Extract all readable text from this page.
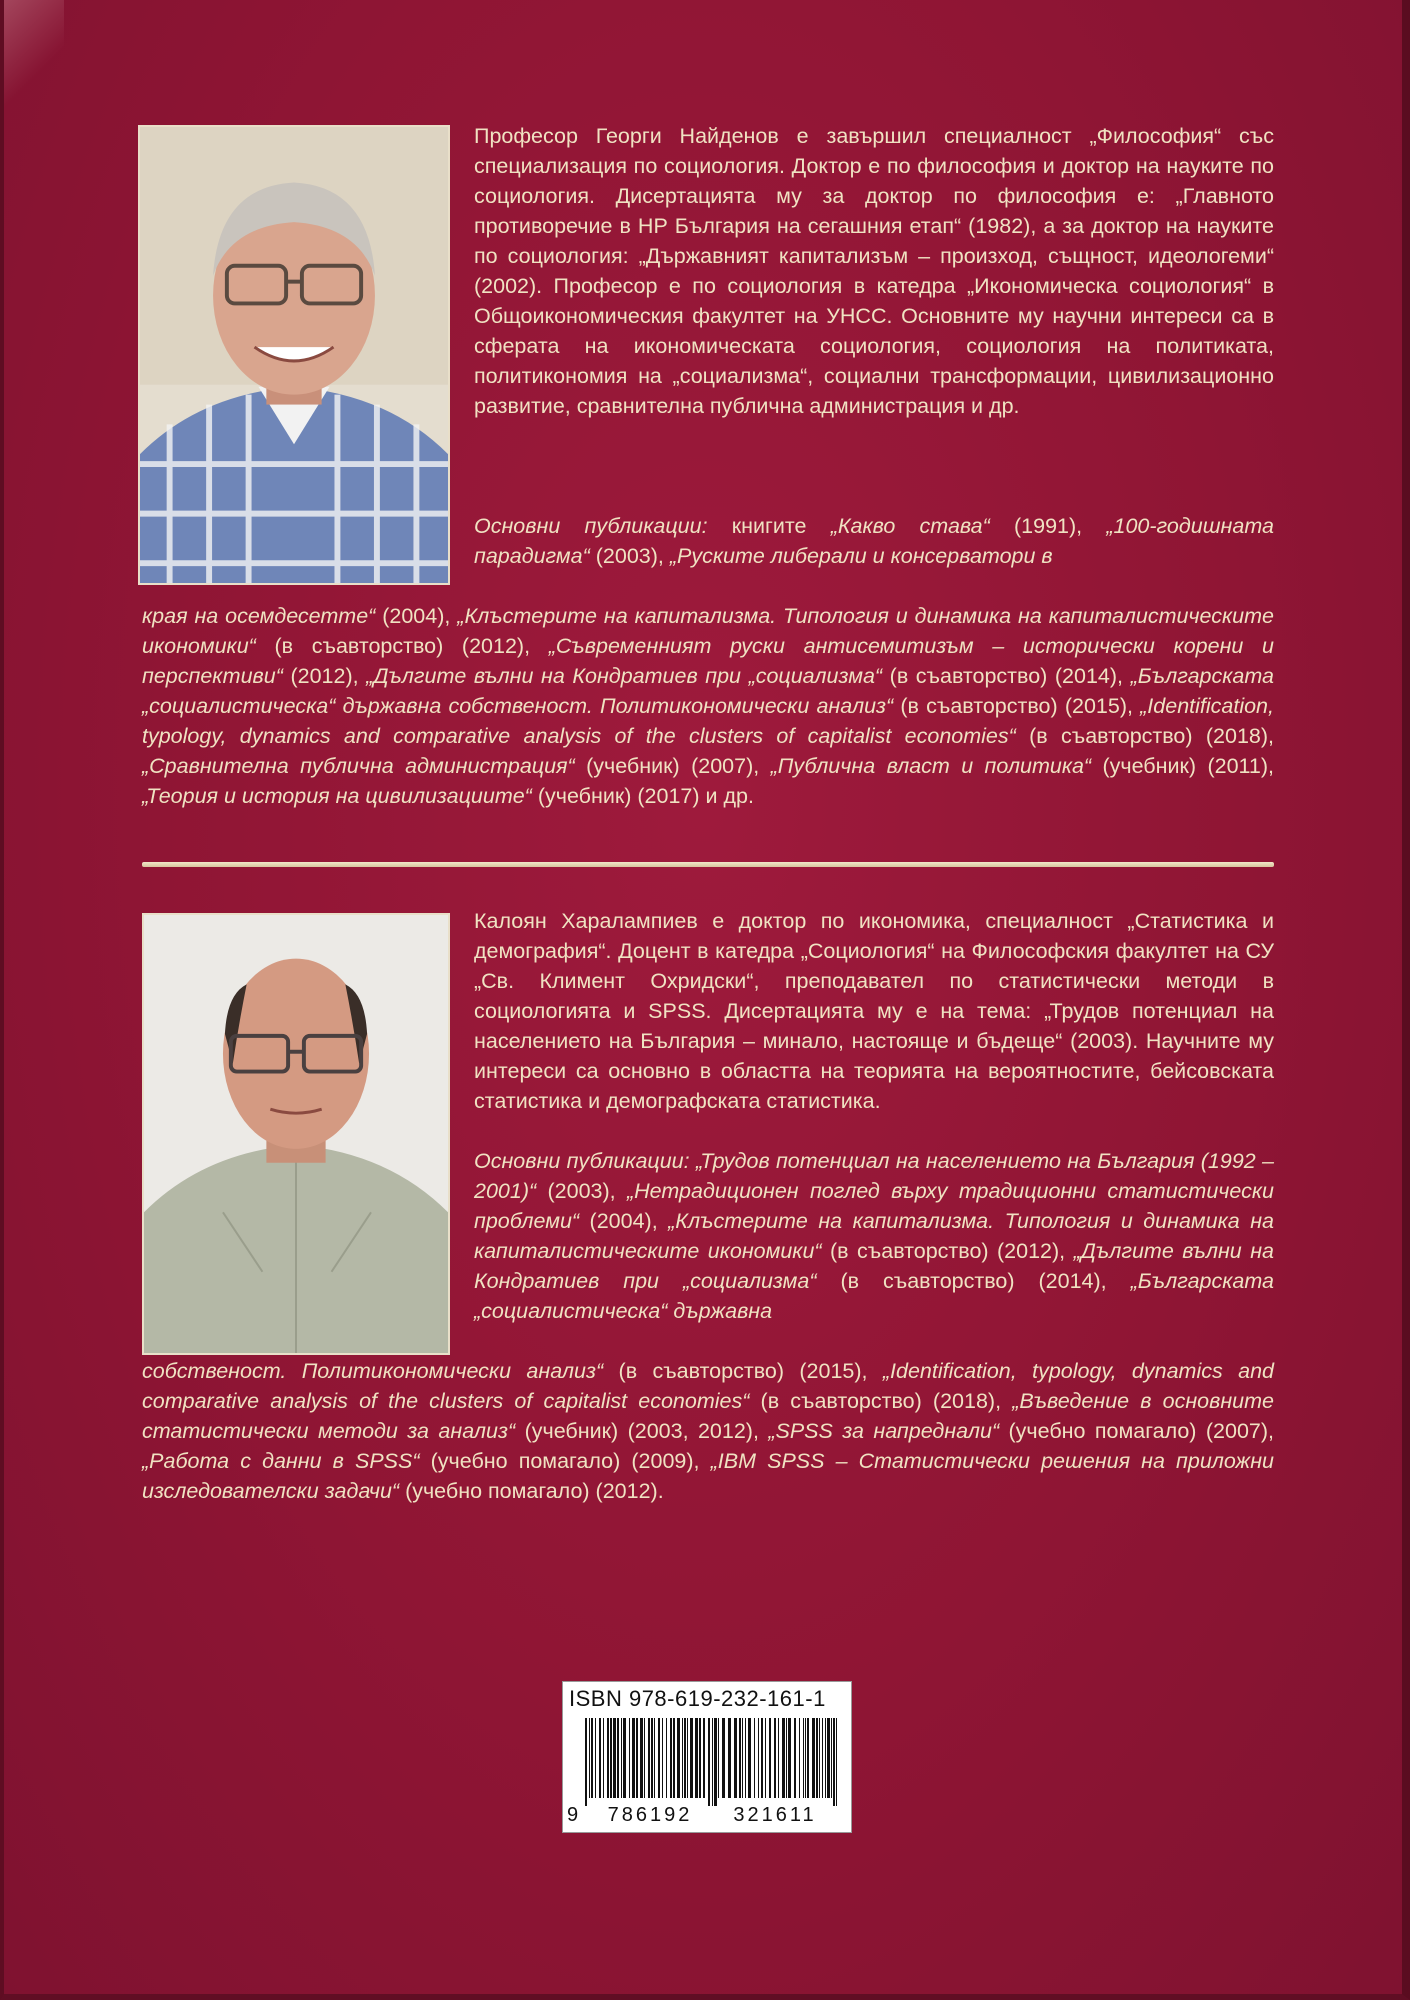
Професор Георги Найденов е завършил специалност „Философия“ със специализация по социология. Доктор е по философия и доктор на науките по социология. Дисертацията му за доктор по философия е: „Главното противоречие в НР България на сегашния етап“ (1982), а за доктор на науките по социология: „Държавният капитализъм – произход, същност, идеологеми“ (2002). Професор е по социология в катедра „Икономическа социология“ в Общоикономическия факултет на УНСС. Основните му научни интереси са в сферата на икономическата социология, социология на политиката, политикономия на „социализма“, социални трансформации, цивилизационно развитие, сравнителна публична администрация и др.

Основни публикации: книгите „Какво става“ (1991), „100-годишната парадигма“ (2003), „Руските либерали и консерватори в

края на осемдесетте“ (2004), „Клъстерите на капитализма. Типология и динамика на капиталистическите икономики“ (в съавторство) (2012), „Съвременният руски антисемитизъм – исторически корени и перспективи“ (2012), „Дългите вълни на Кондратиев при „социализма“ (в съавторство) (2014), „Българската „социалистическа“ държавна собственост. Политикономически анализ“ (в съавторство) (2015), „Identification, typology, dynamics and comparative analysis of the clusters of capitalist economies“ (в съавторство) (2018), „Сравнителна публична администрация“ (учебник) (2007), „Публична власт и политика“ (учебник) (2011), „Теория и история на цивилизациите“ (учебник) (2017) и др.

Калоян Харалампиев е доктор по икономика, специалност „Статистика и демография“. Доцент в катедра „Социология“ на Философския факултет на СУ „Св. Климент Охридски“, преподавател по статистически методи в социологията и SPSS. Дисертацията му е на тема: „Трудов потенциал на населението на България – минало, настояще и бъдеще“ (2003). Научните му интереси са основно в областта на теорията на вероятностите, бейсовската статистика и демографската статистика.

Основни публикации: „Трудов потенциал на населението на България (1992 – 2001)“ (2003), „Нетрадиционен поглед върху традиционни статистически проблеми“ (2004), „Клъстерите на капитализма. Типология и динамика на капиталистическите икономики“ (в съавторство) (2012), „Дългите вълни на Кондратиев при „социализма“ (в съавторство) (2014), „Българската „социалистическа“ държавна

собственост. Политикономически анализ“ (в съавторство) (2015), „Identification, typology, dynamics and comparative analysis of the clusters of capitalist economies“ (в съавторство) (2018), „Въведение в основните статистически методи за анализ“ (учебник) (2003, 2012), „SPSS за напреднали“ (учебно помагало) (2007), „Работа с данни в SPSS“ (учебно помагало) (2009), „IBM SPSS – Статистически решения на приложни изследователски задачи“ (учебно помагало) (2012).

ISBN 978-619-232-161-1
9	786192	321611
